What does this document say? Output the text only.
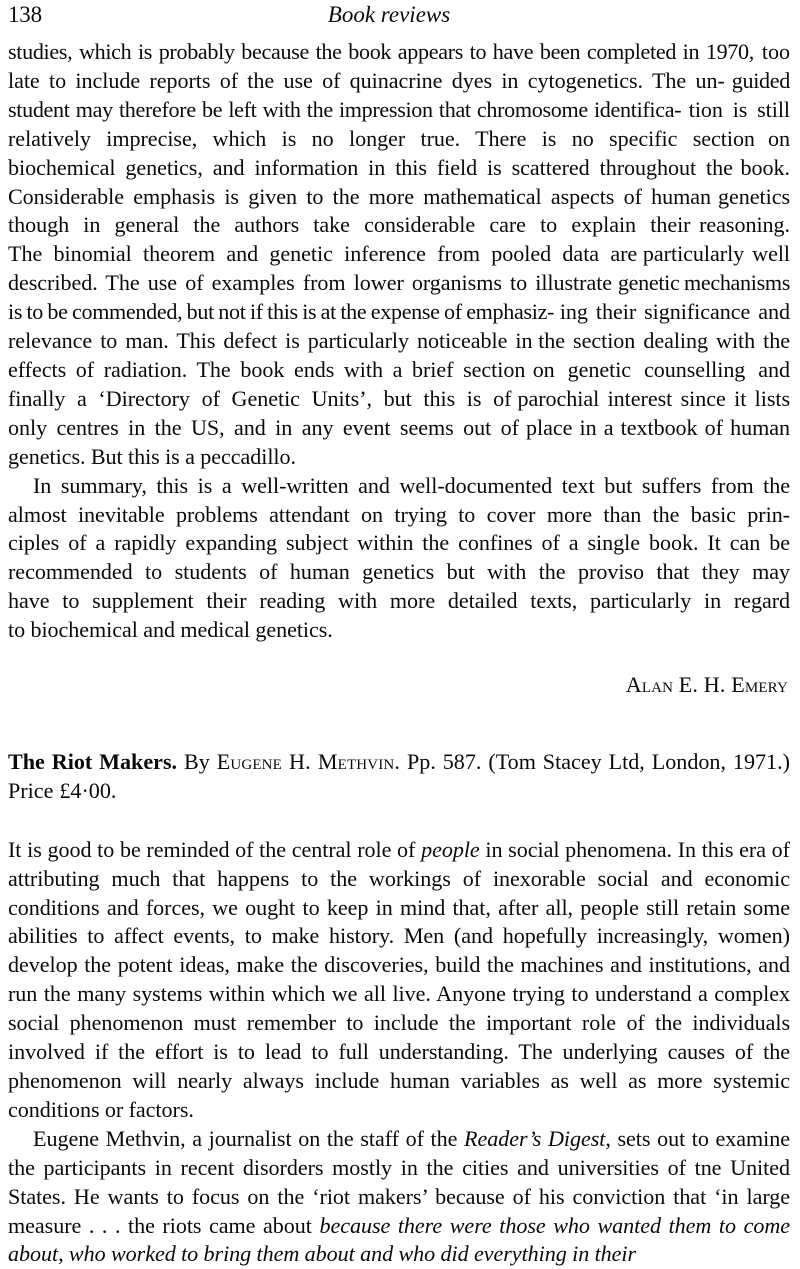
138	Book reviews

studies, which is probably because the book appears to have been completed in 1970, too late to include reports of the use of quinacrine dyes in cytogenetics. The un- guided student may therefore be left with the impression that chromosome identifica- tion is still relatively imprecise, which is no longer true. There is no specific section on biochemical genetics, and information in this field is scattered throughout the book. Considerable emphasis is given to the more mathematical aspects of human genetics though in general the authors take considerable care to explain their reasoning. The binomial theorem and genetic inference from pooled data are particularly well described. The use of examples from lower organisms to illustrate genetic mechanisms is to be commended, but not if this is at the expense of emphasiz- ing their significance and relevance to man. This defect is particularly noticeable in the section dealing with the effects of radiation. The book ends with a brief section on genetic counselling and finally a ‘Directory of Genetic Units’, but this is of parochial interest since it lists only centres in the US, and in any event seems out of place in a textbook of human genetics. But this is a peccadillo.

In summary, this is a well-written and well-documented text but suffers from the almost inevitable problems attendant on trying to cover more than the basic prin- ciples of a rapidly expanding subject within the confines of a single book. It can be recommended to students of human genetics but with the proviso that they may have to supplement their reading with more detailed texts, particularly in regard to biochemical and medical genetics.

Alan E. H. Emery
The Riot Makers. By Eugene H. Methvin. Pp. 587. (Tom Stacey Ltd, London, 1971.) Price £4·00.

It is good to be reminded of the central role of people in social phenomena. In this era of attributing much that happens to the workings of inexorable social and economic conditions and forces, we ought to keep in mind that, after all, people still retain some abilities to affect events, to make history. Men (and hopefully increasingly, women) develop the potent ideas, make the discoveries, build the machines and institutions, and run the many systems within which we all live. Anyone trying to understand a complex social phenomenon must remember to include the important role of the individuals involved if the effort is to lead to full understanding. The underlying causes of the phenomenon will nearly always include human variables as well as more systemic conditions or factors.

Eugene Methvin, a journalist on the staff of the Reader’s Digest, sets out to examine the participants in recent disorders mostly in the cities and universities of tne United States. He wants to focus on the ‘riot makers’ because of his conviction that ‘in large measure . . . the riots came about because there were those who wanted them to come about, who worked to bring them about and who did everything in their
